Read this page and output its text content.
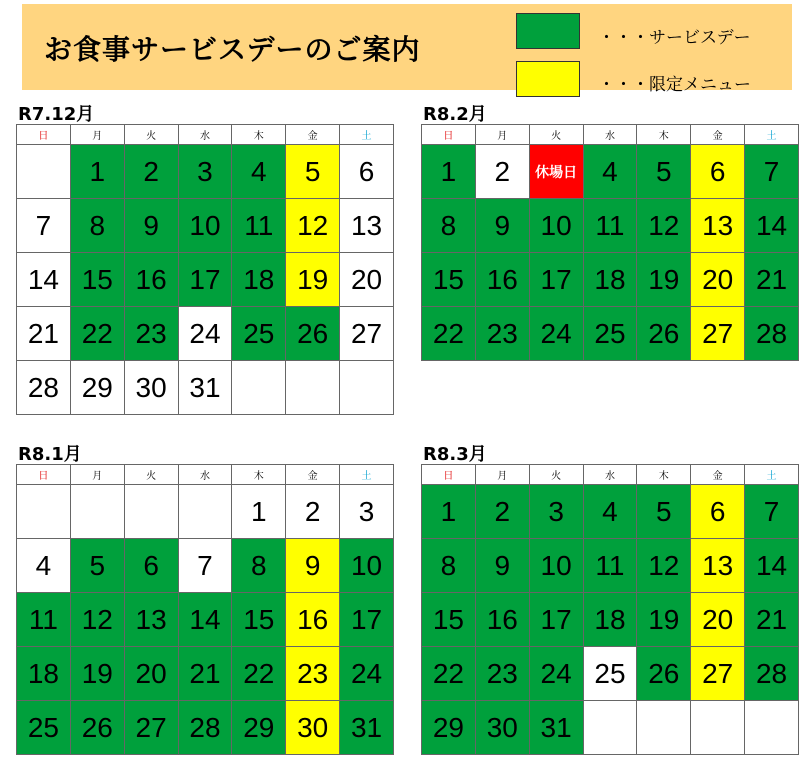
お食事サービスデーのご案内	・・・サービスデー
・・・限定メニュー
R7.12月
日	月	火	水	木	金	土
	1	2	3	4	5	6
7	8	9	10	11	12	13
14	15	16	17	18	19	20
21	22	23	24	25	26	27
28	29	30	31			
R8.2月
日	月	火	水	木	金	土
1	2	休場日	4	5	6	7
8	9	10	11	12	13	14
15	16	17	18	19	20	21
22	23	24	25	26	27	28
R8.1月
日	月	火	水	木	金	土
				1	2	3
4	5	6	7	8	9	10
11	12	13	14	15	16	17
18	19	20	21	22	23	24
25	26	27	28	29	30	31
R8.3月
日	月	火	水	木	金	土
1	2	3	4	5	6	7
8	9	10	11	12	13	14
15	16	17	18	19	20	21
22	23	24	25	26	27	28
29	30	31				
